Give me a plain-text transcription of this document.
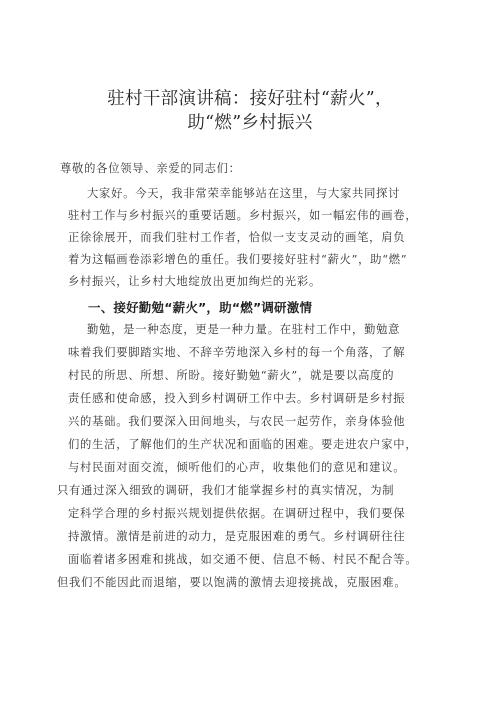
驻村干部演讲稿：接好驻村“薪火”，
助“燃”乡村振兴
尊敬的各位领导、亲爱的同志们：
大家好。今天，我非常荣幸能够站在这里，与大家共同探讨
驻村工作与乡村振兴的重要话题。乡村振兴，如一幅宏伟的画卷，
正徐徐展开，而我们驻村工作者，恰似一支支灵动的画笔，肩负
着为这幅画卷添彩增色的重任。我们要接好驻村“薪火”，助“燃”
乡村振兴，让乡村大地绽放出更加绚烂的光彩。
一、接好勤勉“薪火”，助“燃”调研激情
勤勉，是一种态度，更是一种力量。在驻村工作中，勤勉意
味着我们要脚踏实地、不辞辛劳地深入乡村的每一个角落，了解
村民的所思、所想、所盼。接好勤勉“薪火”，就是要以高度的
责任感和使命感，投入到乡村调研工作中去。乡村调研是乡村振
兴的基础。我们要深入田间地头，与农民一起劳作，亲身体验他
们的生活，了解他们的生产状况和面临的困难。要走进农户家中，
与村民面对面交流，倾听他们的心声，收集他们的意见和建议。
只有通过深入细致的调研，我们才能掌握乡村的真实情况，为制
定科学合理的乡村振兴规划提供依据。在调研过程中，我们要保
持激情。激情是前进的动力，是克服困难的勇气。乡村调研往往
面临着诸多困难和挑战，如交通不便、信息不畅、村民不配合等。
但我们不能因此而退缩，要以饱满的激情去迎接挑战，克服困难。
